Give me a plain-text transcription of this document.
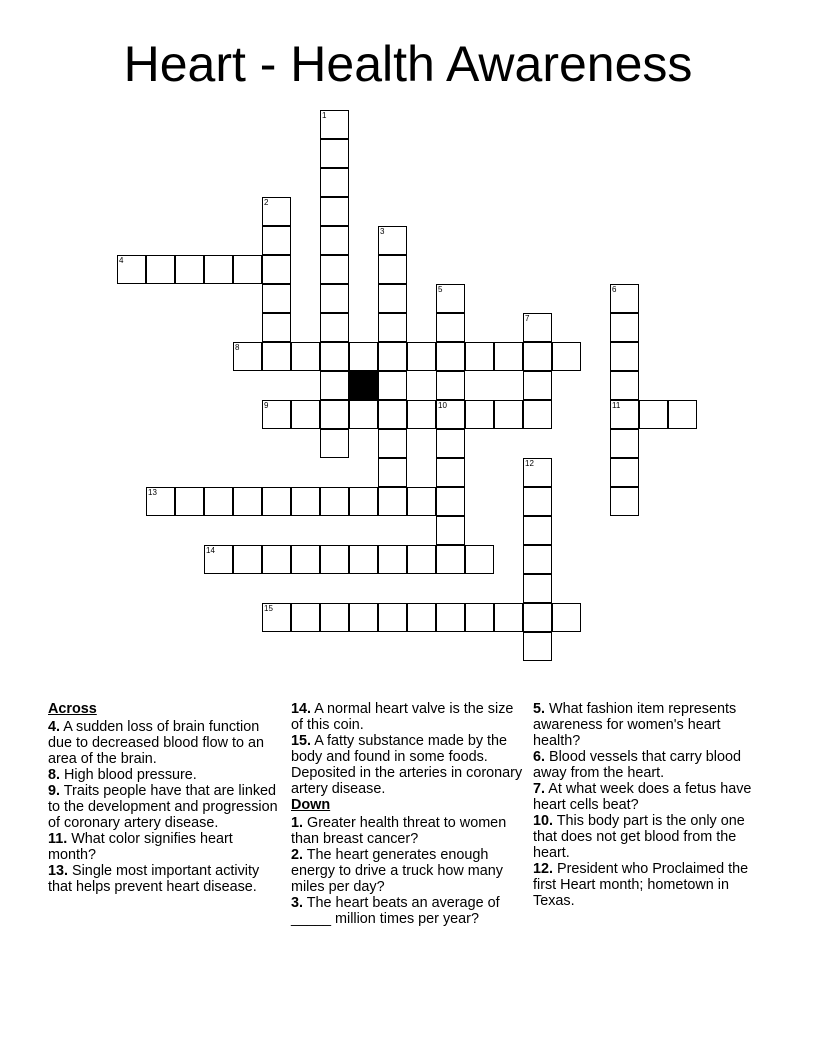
Heart - Health Awareness
1
2
3
5
10
6
11
7
12
4
8
9
13
14
15
Across
4. A sudden loss of brain function due to decreased blood flow to an area of the brain.
8. High blood pressure.
9. Traits people have that are linked to the development and progression of coronary artery disease.
11. What color signifies heart month?
13. Single most important activity that helps prevent heart disease.
14. A normal heart valve is the size of this coin.
15. A fatty substance made by the body and found in some foods. Deposited in the arteries in coronary artery disease.
Down
1. Greater health threat to women than breast cancer?
2. The heart generates enough energy to drive a truck how many miles per day?
3. The heart beats an average of _____ million times per year?
5. What fashion item represents awareness for women's heart health?
6. Blood vessels that carry blood away from the heart.
7. At what week does a fetus have heart cells beat?
10. This body part is the only one that does not get blood from the heart.
12. President who Proclaimed the first Heart month; hometown in Texas.
